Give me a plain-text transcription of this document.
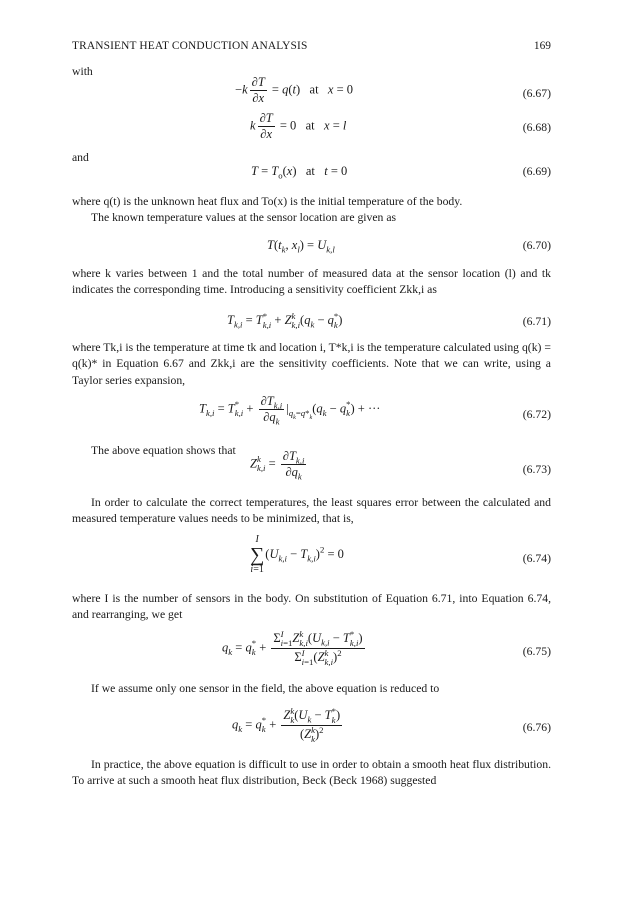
TRANSIENT HEAT CONDUCTION ANALYSIS	169
with
$-k \frac{\partial T}{\partial x} = q(t)$   at   x = 0	(6.67)
k $\frac{\partial T}{\partial x} = 0$   at   x = l	(6.68)
and
$T = T_o(x)$   at   t = 0	(6.69)
where q(t) is the unknown heat flux and To(x) is the initial temperature of the body.
The known temperature values at the sensor location are given as
$T(t_k$, $x_l) = U_{k,l}$	(6.70)
where k varies between 1 and the total number of measured data at the sensor location (l) and tk indicates the corresponding time. Introducing a sensitivity coefficient Zkk,i as
$T_{k,i} = T$ *
k,i + Z k
k,i ($q_k - q$ *
k )	(6.71)
where Tk,i is the temperature at time tk and location i, T*k,i is the temperature calculated using q(k) = q(k)* in Equation 6.67 and Zkk,i are the sensitivity coefficients. Note that we can write, using a Taylor series expansion,
$T_{k,i} = T$ *
$k,i + \frac{\partial T_{k,i}}{\partial q_k} |_{q_k=q*_k}(q_k - q$ *
k ) + ···	(6.72)
The above equation shows that
Z k
$k,i = \frac{\partial T_{k,i}}{\partial q_k}$	(6.73)
In order to calculate the correct temperatures, the least squares error between the calculated and measured temperature values needs to be minimized, that is,
I
∑
$i=1(U_{k,i} - T_{k,i})^2 = 0$	(6.74)
where I is the number of sensors in the body. On substitution of Equation 6.71, into Equation 6.74, and rearranging, we get
$q_k = q$ *
k + Σ I
i=1 Z k
k,i ($U_{k,i} - T$ *
k,i )
Σ I
i=1 (Z k
k,i )$^2$	(6.75)
If we assume only one sensor in the field, the above equation is reduced to
$q_k = q$ *
k + Z k
k ($U_k - T$ *
k )
(Z k
k )$^2$	(6.76)
In practice, the above equation is difficult to use in order to obtain a smooth heat flux distribution. To arrive at such a smooth heat flux distribution, Beck (Beck 1968) suggested
